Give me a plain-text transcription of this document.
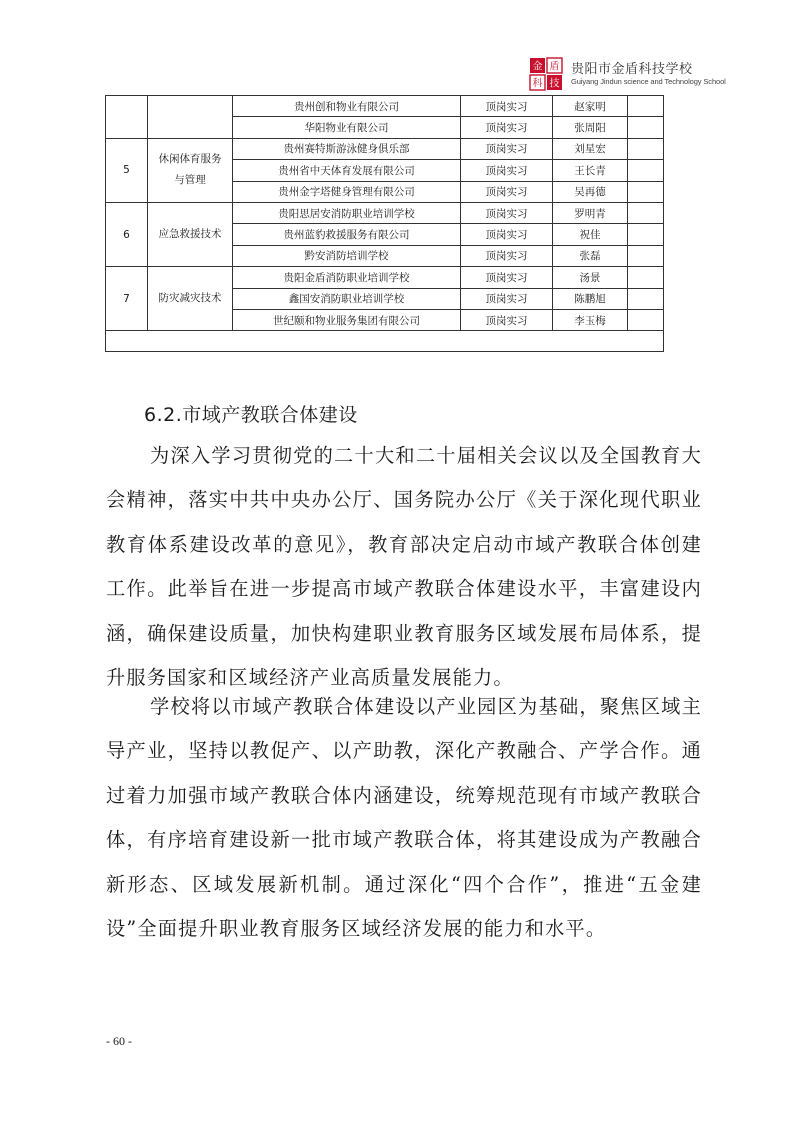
金 盾
科 技
贵阳市金盾科技学校
Guiyang Jindun science and Technology School
		贵州创和物业有限公司	顶岗实习	赵家明	
		华阳物业有限公司	顶岗实习	张周阳	
5	休闲体育服务与管理	贵州赛特斯游泳健身俱乐部	顶岗实习	刘星宏	
		贵州省中天体育发展有限公司	顶岗实习	王长青	
		贵州金字塔健身管理有限公司	顶岗实习	吴再德	
6	应急救援技术	贵阳思居安消防职业培训学校	顶岗实习	罗明青	
		贵州蓝豹救援服务有限公司	顶岗实习	祝佳	
		黔安消防培训学校	顶岗实习	张磊	
7	防灾减灾技术	贵阳金盾消防职业培训学校	顶岗实习	汤景	
		鑫国安消防职业培训学校	顶岗实习	陈鹏旭	
		世纪颐和物业服务集团有限公司	顶岗实习	李玉梅	

6.2.市域产教联合体建设

为深入学习贯彻党的二十大和二十届相关会议以及全国教育大会精神，落实中共中央办公厅、国务院办公厅《关于深化现代职业教育体系建设改革的意见》，教育部决定启动市域产教联合体创建工作。此举旨在进一步提高市域产教联合体建设水平，丰富建设内涵，确保建设质量，加快构建职业教育服务区域发展布局体系，提升服务国家和区域经济产业高质量发展能力。

学校将以市域产教联合体建设以产业园区为基础，聚焦区域主导产业，坚持以教促产、以产助教，深化产教融合、产学合作。通过着力加强市域产教联合体内涵建设，统筹规范现有市域产教联合体，有序培育建设新一批市域产教联合体，将其建设成为产教融合新形态、区域发展新机制。通过深化“四个合作”，推进“五金建设”全面提升职业教育服务区域经济发展的能力和水平。

- 60 -
